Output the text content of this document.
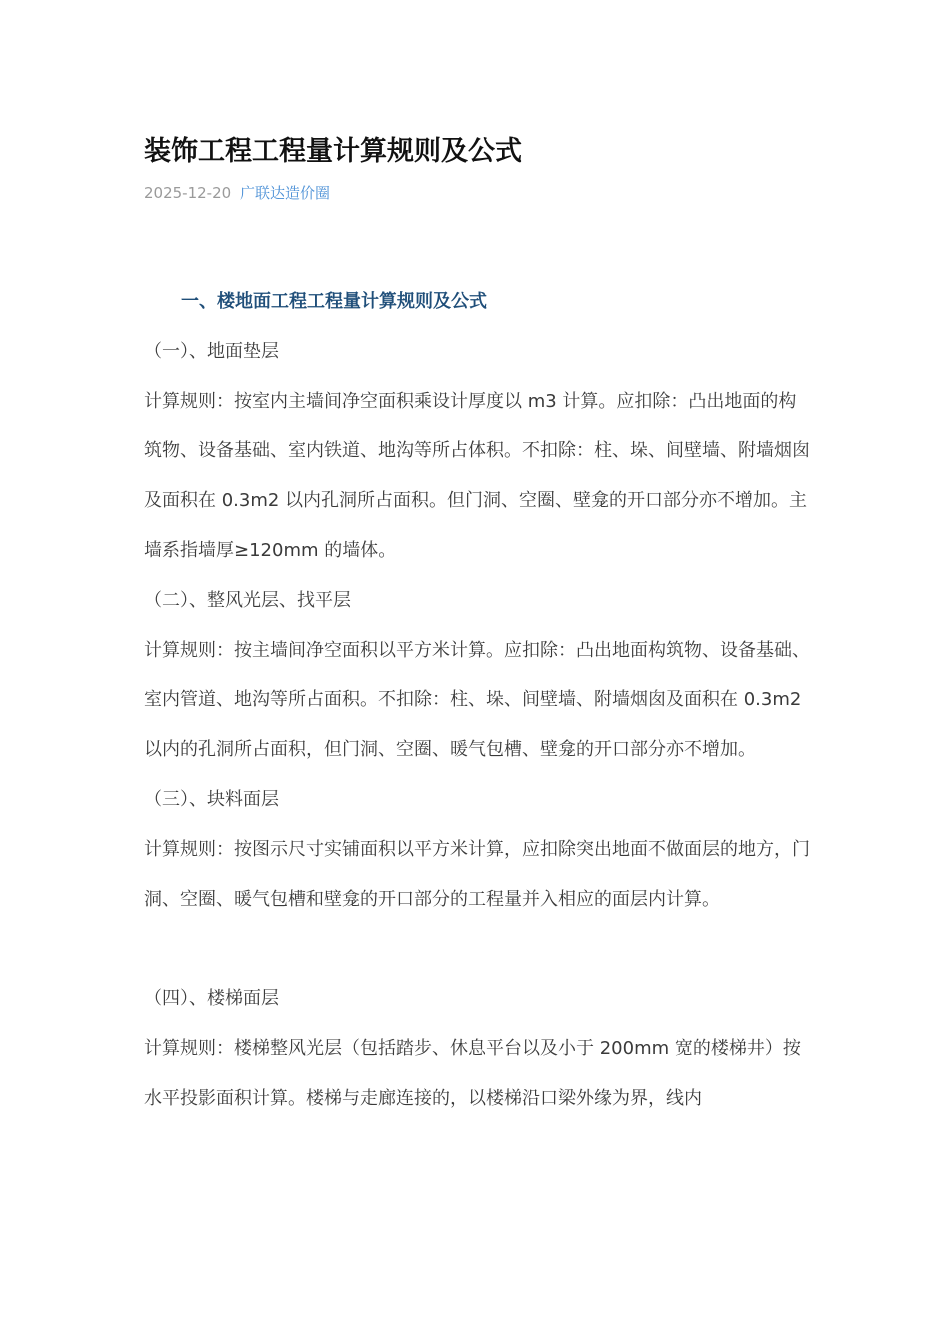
装饰工程工程量计算规则及公式
2025-12-20 广联达造价圈

一、楼地面工程工程量计算规则及公式

（一）、地面垫层

计算规则：按室内主墙间净空面积乘设计厚度以 m3 计算。应扣除：凸出地面的构筑物、设备基础、室内铁道、地沟等所占体积。不扣除：柱、垛、间壁墙、附墙烟囱及面积在 0.3m2 以内孔洞所占面积。但门洞、空圈、壁龛的开口部分亦不增加。主墙系指墙厚≥120mm 的墙体。

（二）、整风光层、找平层

计算规则：按主墙间净空面积以平方米计算。应扣除：凸出地面构筑物、设备基础、室内管道、地沟等所占面积。不扣除：柱、垛、间壁墙、附墙烟囱及面积在 0.3m2 以内的孔洞所占面积，但门洞、空圈、暖气包槽、壁龛的开口部分亦不增加。

（三）、块料面层

计算规则：按图示尺寸实铺面积以平方米计算，应扣除突出地面不做面层的地方，门洞、空圈、暖气包槽和壁龛的开口部分的工程量并入相应的面层内计算。

（四）、楼梯面层

计算规则：楼梯整风光层（包括踏步、休息平台以及小于 200mm 宽的楼梯井）按水平投影面积计算。楼梯与走廊连接的，以楼梯沿口梁外缘为界，线内
